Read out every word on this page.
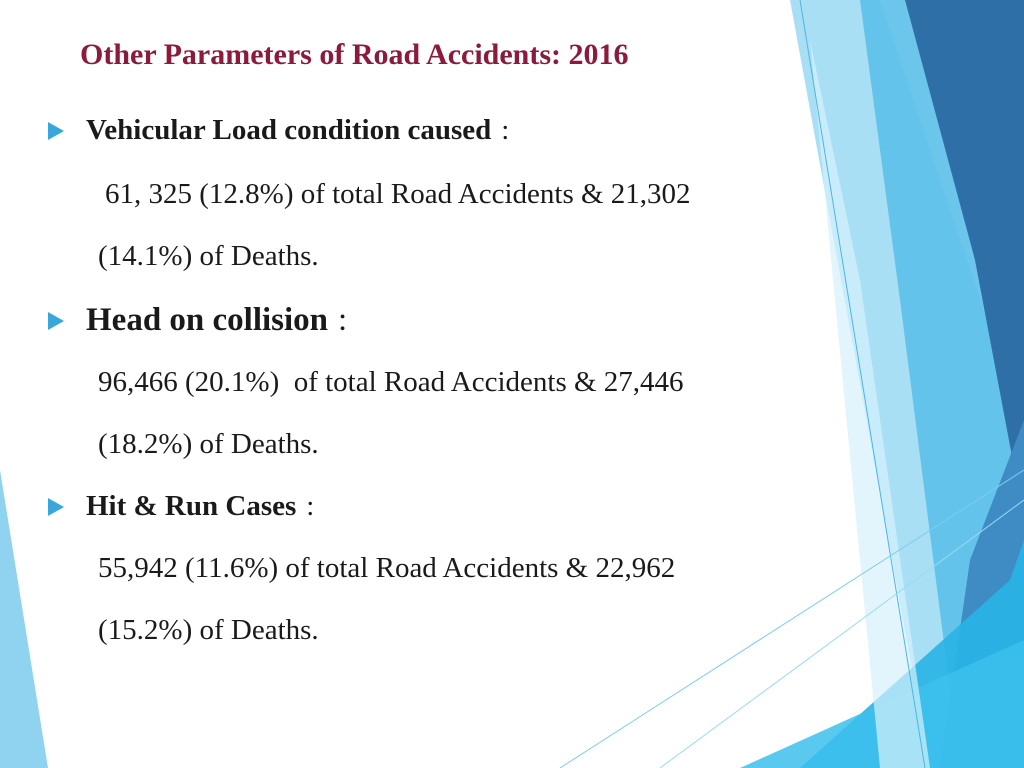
Other Parameters of Road Accidents: 2016
Vehicular Load condition caused :
61, 325 (12.8%) of total Road Accidents & 21,302
(14.1%) of Deaths.
Head on collision :
96,466 (20.1%)  of total Road Accidents & 27,446
(18.2%) of Deaths.
Hit & Run Cases :
55,942 (11.6%) of total Road Accidents & 22,962
(15.2%) of Deaths.
